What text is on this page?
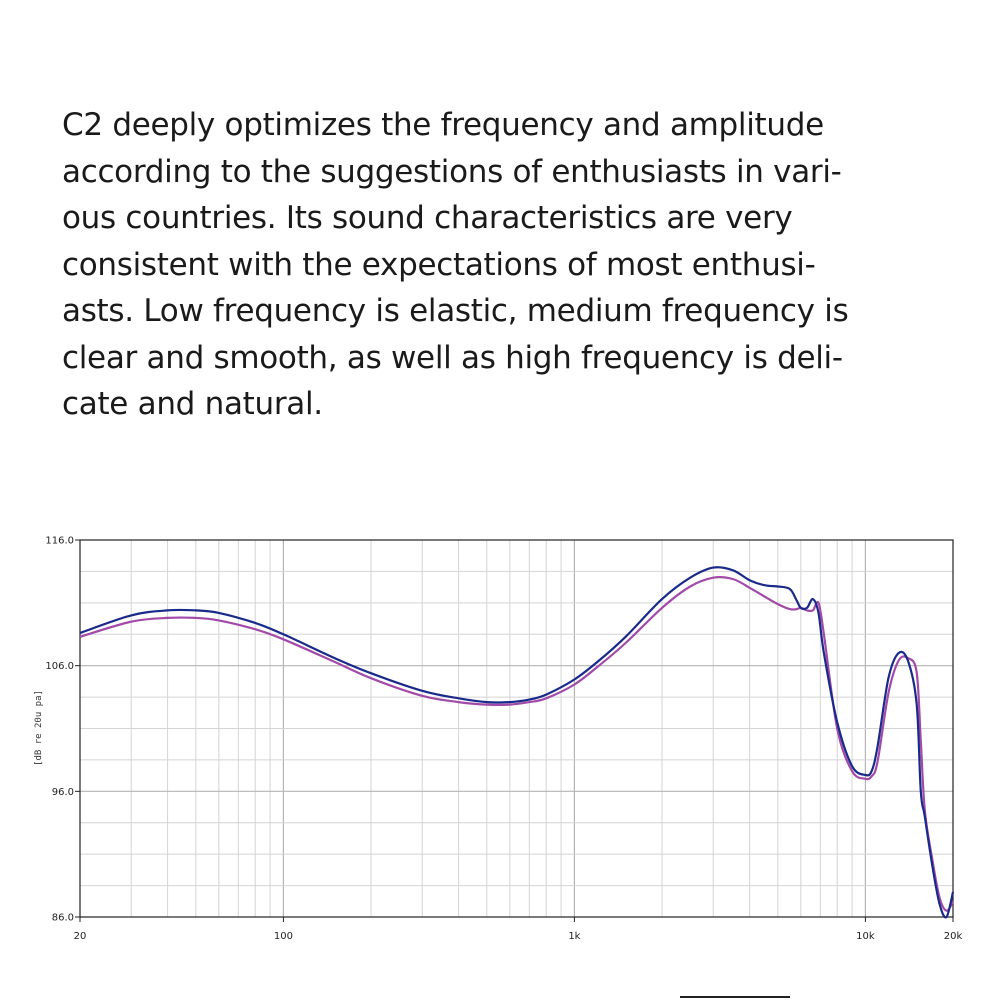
C2 deeply optimizes the frequency and amplitude
according to the suggestions of enthusiasts in vari-
ous countries. Its sound characteristics are very
consistent with the expectations of most enthusi-
asts. Low frequency is elastic, medium frequency is
clear and smooth, as well as high frequency is deli-
cate and natural.
116.0
106.0
96.0
86.0
20	100	1k	10k	20k
[dB re 20u pa]
